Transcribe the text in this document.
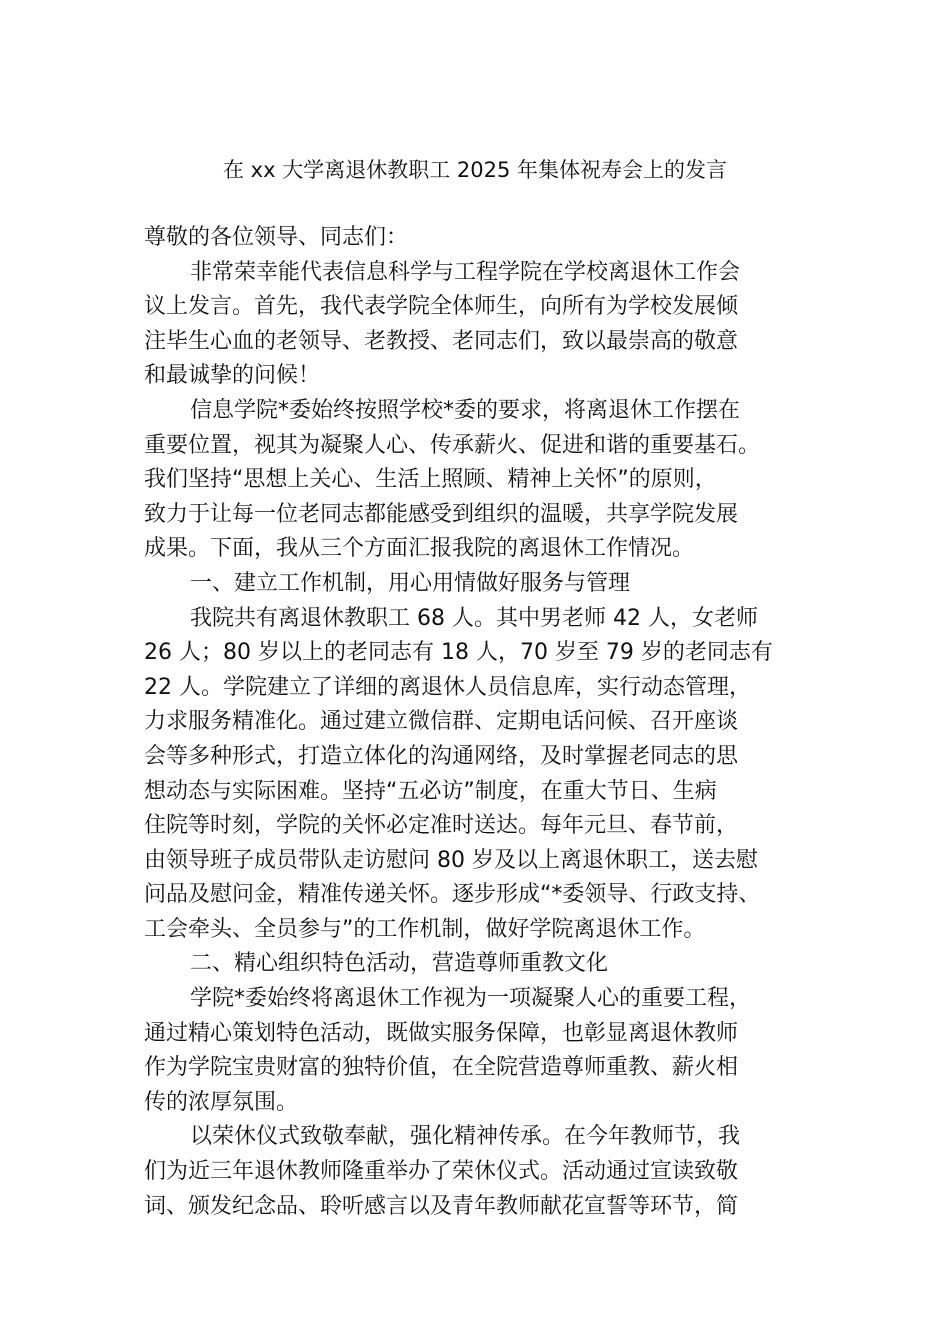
在 xx 大学离退休教职工 2025 年集体祝寿会上的发言
尊敬的各位领导、同志们：
非常荣幸能代表信息科学与工程学院在学校离退休工作会
议上发言。首先，我代表学院全体师生，向所有为学校发展倾
注毕生心血的老领导、老教授、老同志们，致以最崇高的敬意
和最诚挚的问候！
信息学院*委始终按照学校*委的要求，将离退休工作摆在
重要位置，视其为凝聚人心、传承薪火、促进和谐的重要基石。
我们坚持“思想上关心、生活上照顾、精神上关怀”的原则，
致力于让每一位老同志都能感受到组织的温暖，共享学院发展
成果。下面，我从三个方面汇报我院的离退休工作情况。
一、建立工作机制，用心用情做好服务与管理
我院共有离退休教职工 68 人。其中男老师 42 人，女老师
26 人；80 岁以上的老同志有 18 人，70 岁至 79 岁的老同志有
22 人。学院建立了详细的离退休人员信息库，实行动态管理，
力求服务精准化。通过建立微信群、定期电话问候、召开座谈
会等多种形式，打造立体化的沟通网络，及时掌握老同志的思
想动态与实际困难。坚持“五必访”制度，在重大节日、生病
住院等时刻，学院的关怀必定准时送达。每年元旦、春节前，
由领导班子成员带队走访慰问 80 岁及以上离退休职工，送去慰
问品及慰问金，精准传递关怀。逐步形成“*委领导、行政支持、
工会牵头、全员参与”的工作机制，做好学院离退休工作。
二、精心组织特色活动，营造尊师重教文化
学院*委始终将离退休工作视为一项凝聚人心的重要工程，
通过精心策划特色活动，既做实服务保障，也彰显离退休教师
作为学院宝贵财富的独特价值，在全院营造尊师重教、薪火相
传的浓厚氛围。
以荣休仪式致敬奉献，强化精神传承。在今年教师节，我
们为近三年退休教师隆重举办了荣休仪式。活动通过宣读致敬
词、颁发纪念品、聆听感言以及青年教师献花宣誓等环节，简
